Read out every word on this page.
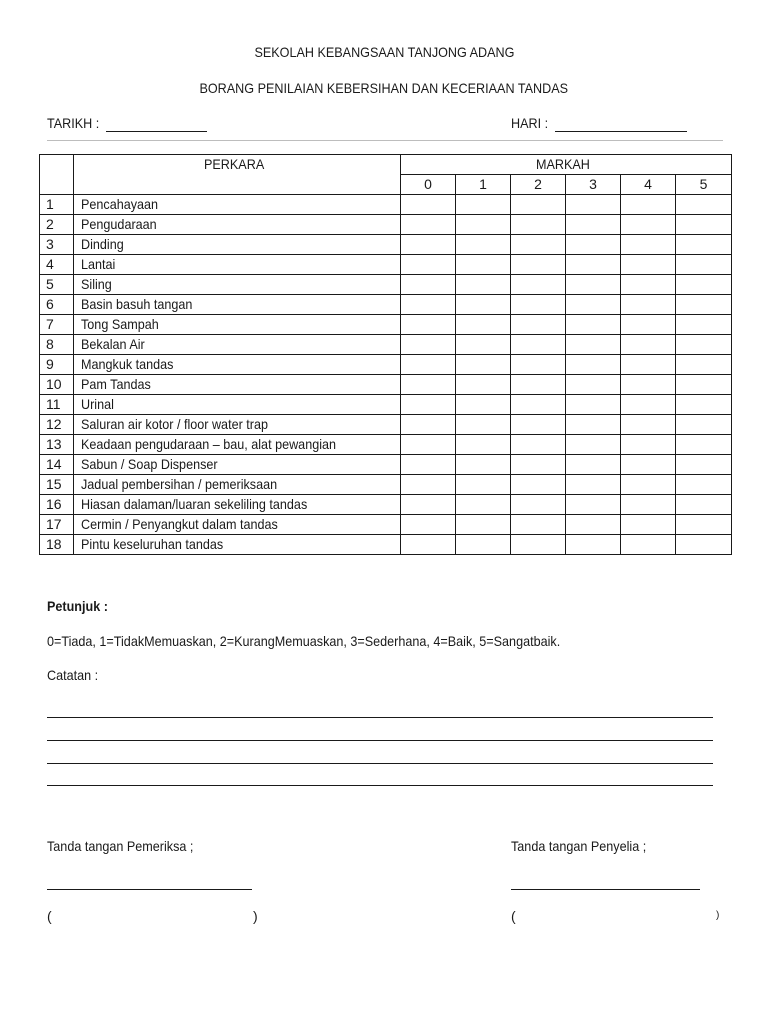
SEKOLAH KEBANGSAAN TANJONG ADANG
BORANG PENILAIAN KEBERSIHAN DAN KECERIAAN TANDAS
TARIKH :	HARI :
	PERKARA	MARKAH					
		0	1	2	3	4	5
1	Pencahayaan						
2	Pengudaraan						
3	Dinding						
4	Lantai						
5	Siling						
6	Basin basuh tangan						
7	Tong Sampah						
8	Bekalan Air						
9	Mangkuk tandas						
10	Pam Tandas						
11	Urinal						
12	Saluran air kotor / floor water trap						
13	Keadaan pengudaraan – bau, alat pewangian						
14	Sabun / Soap Dispenser						
15	Jadual pembersihan / pemeriksaan						
16	Hiasan dalaman/luaran sekeliling tandas						
17	Cermin / Penyangkut dalam tandas						
18	Pintu keseluruhan tandas						
Petunjuk :
0=Tiada, 1=TidakMemuaskan, 2=KurangMemuaskan, 3=Sederhana, 4=Baik, 5=Sangatbaik.
Catatan :
Tanda tangan Pemeriksa ;	Tanda tangan Penyelia ;
(	)	(	)
